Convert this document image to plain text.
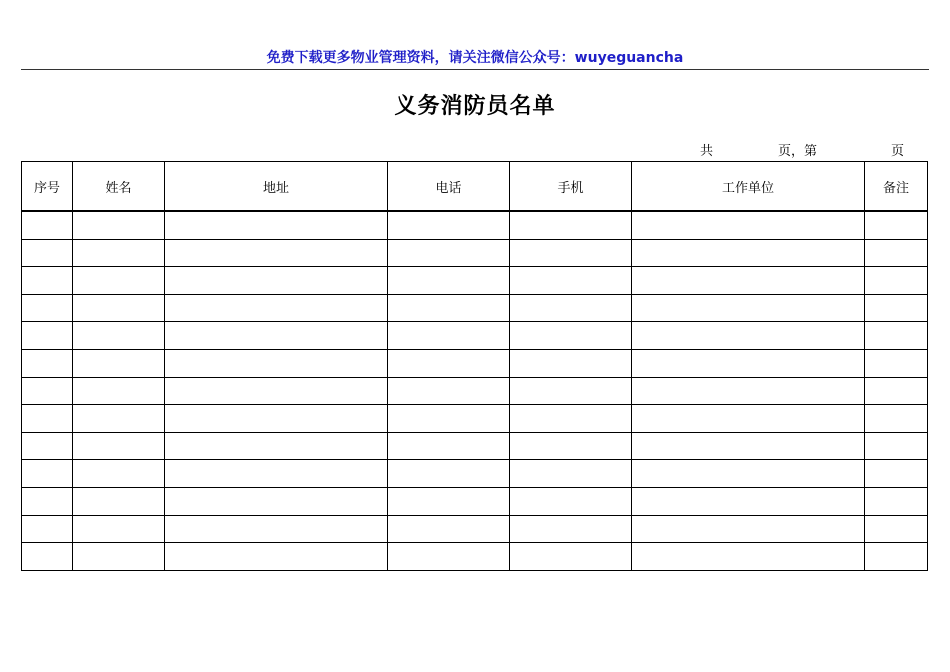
免费下载更多物业管理资料，请关注微信公众号：wuyeguancha
义务消防员名单
共	页，第	页
序号	姓名	地址	电话	手机	工作单位	备注
